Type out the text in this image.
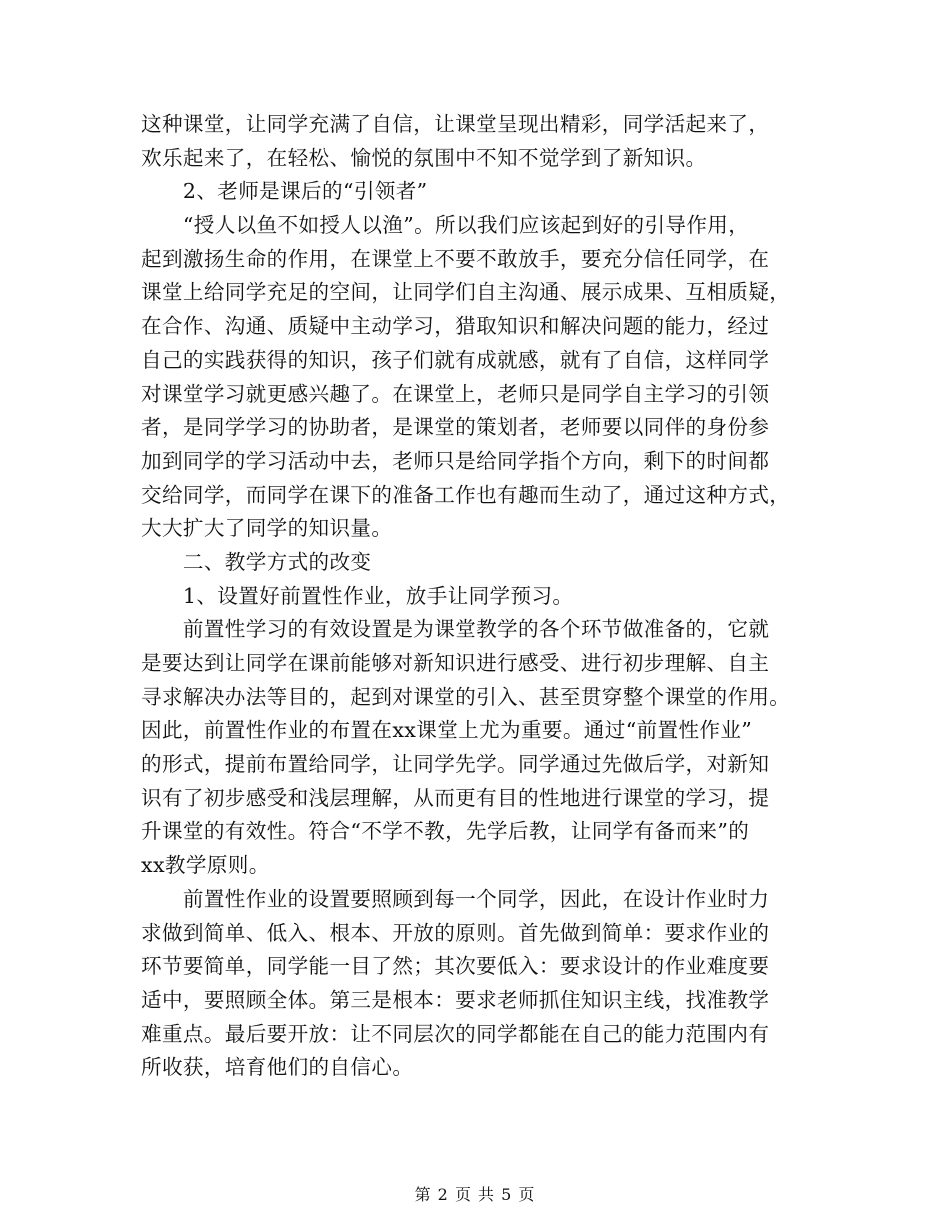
这种课堂，让同学充满了自信，让课堂呈现出精彩，同学活起来了，
欢乐起来了，在轻松、愉悦的氛围中不知不觉学到了新知识。
　　2、老师是课后的“引领者”
　　“授人以鱼不如授人以渔”。所以我们应该起到好的引导作用，
起到激扬生命的作用，在课堂上不要不敢放手，要充分信任同学，在
课堂上给同学充足的空间，让同学们自主沟通、展示成果、互相质疑，
在合作、沟通、质疑中主动学习，猎取知识和解决问题的能力，经过
自己的实践获得的知识，孩子们就有成就感，就有了自信，这样同学
对课堂学习就更感兴趣了。在课堂上，老师只是同学自主学习的引领
者，是同学学习的协助者，是课堂的策划者，老师要以同伴的身份参
加到同学的学习活动中去，老师只是给同学指个方向，剩下的时间都
交给同学，而同学在课下的准备工作也有趣而生动了，通过这种方式，
大大扩大了同学的知识量。
　　二、教学方式的改变
　　1、设置好前置性作业，放手让同学预习。
　　前置性学习的有效设置是为课堂教学的各个环节做准备的，它就
是要达到让同学在课前能够对新知识进行感受、进行初步理解、自主
寻求解决办法等目的，起到对课堂的引入、甚至贯穿整个课堂的作用。
因此，前置性作业的布置在xx课堂上尤为重要。通过“前置性作业”
的形式，提前布置给同学，让同学先学。同学通过先做后学，对新知
识有了初步感受和浅层理解，从而更有目的性地进行课堂的学习，提
升课堂的有效性。符合“不学不教，先学后教，让同学有备而来”的
xx教学原则。
　　前置性作业的设置要照顾到每一个同学，因此，在设计作业时力
求做到简单、低入、根本、开放的原则。首先做到简单：要求作业的
环节要简单，同学能一目了然；其次要低入：要求设计的作业难度要
适中，要照顾全体。第三是根本：要求老师抓住知识主线，找准教学
难重点。最后要开放：让不同层次的同学都能在自己的能力范围内有
所收获，培育他们的自信心。
第 2 页 共 5 页
